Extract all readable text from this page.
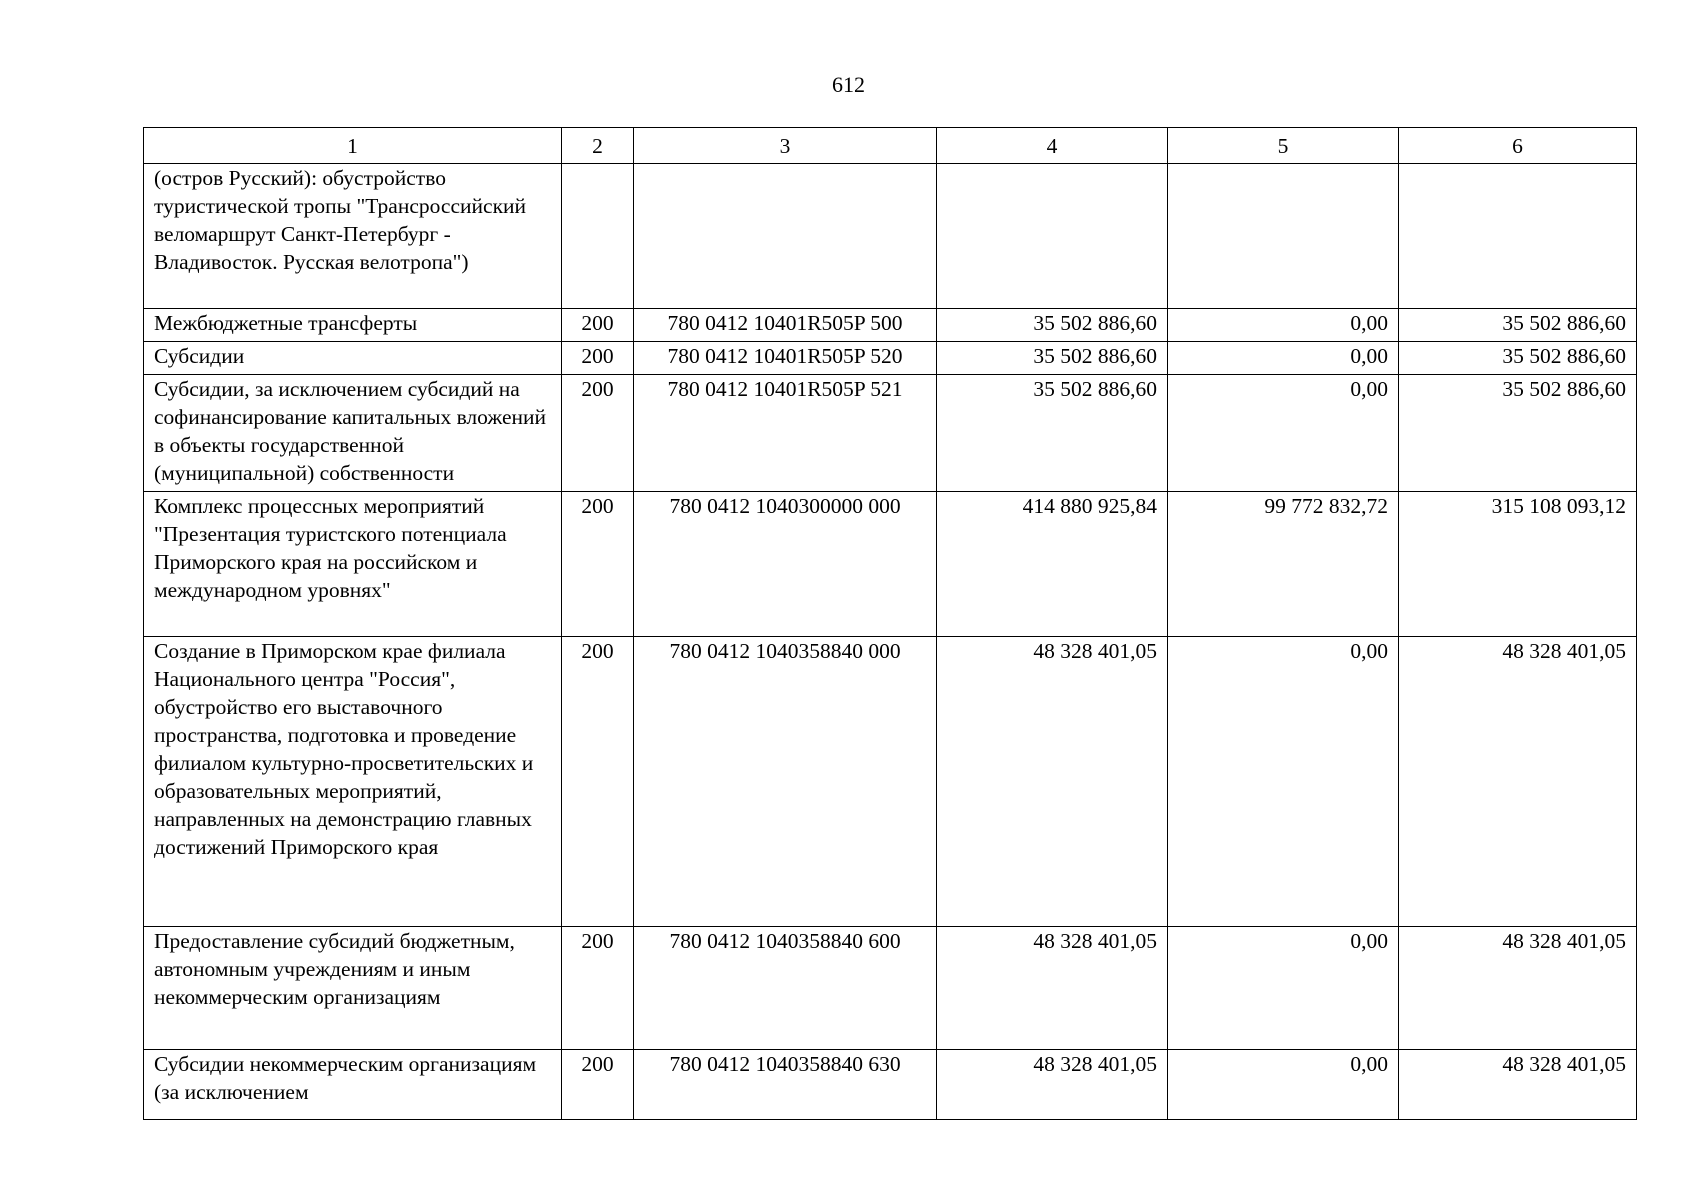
612
1	2	3	4	5	6
(остров Русский): обустройство туристической тропы "Трансроссийский веломаршрут Санкт-Петербург - Владивосток. Русская велотропа")					
Межбюджетные трансферты	200	780 0412 10401R505P 500	35 502 886,60	0,00	35 502 886,60
Субсидии	200	780 0412 10401R505P 520	35 502 886,60	0,00	35 502 886,60
Субсидии, за исключением субсидий на софинансирование капитальных вложений в объекты государственной (муниципальной) собственности	200	780 0412 10401R505P 521	35 502 886,60	0,00	35 502 886,60
Комплекс процессных мероприятий "Презентация туристского потенциала Приморского края на российском и международном уровнях"	200	780 0412 1040300000 000	414 880 925,84	99 772 832,72	315 108 093,12
Создание в Приморском крае филиала Национального центра "Россия", обустройство его выставочного пространства, подготовка и проведение филиалом культурно-просветительских и образовательных мероприятий, направленных на демонстрацию главных достижений Приморского края	200	780 0412 1040358840 000	48 328 401,05	0,00	48 328 401,05
Предоставление субсидий бюджетным, автономным учреждениям и иным некоммерческим организациям	200	780 0412 1040358840 600	48 328 401,05	0,00	48 328 401,05
Субсидии некоммерческим организациям (за исключением	200	780 0412 1040358840 630	48 328 401,05	0,00	48 328 401,05
